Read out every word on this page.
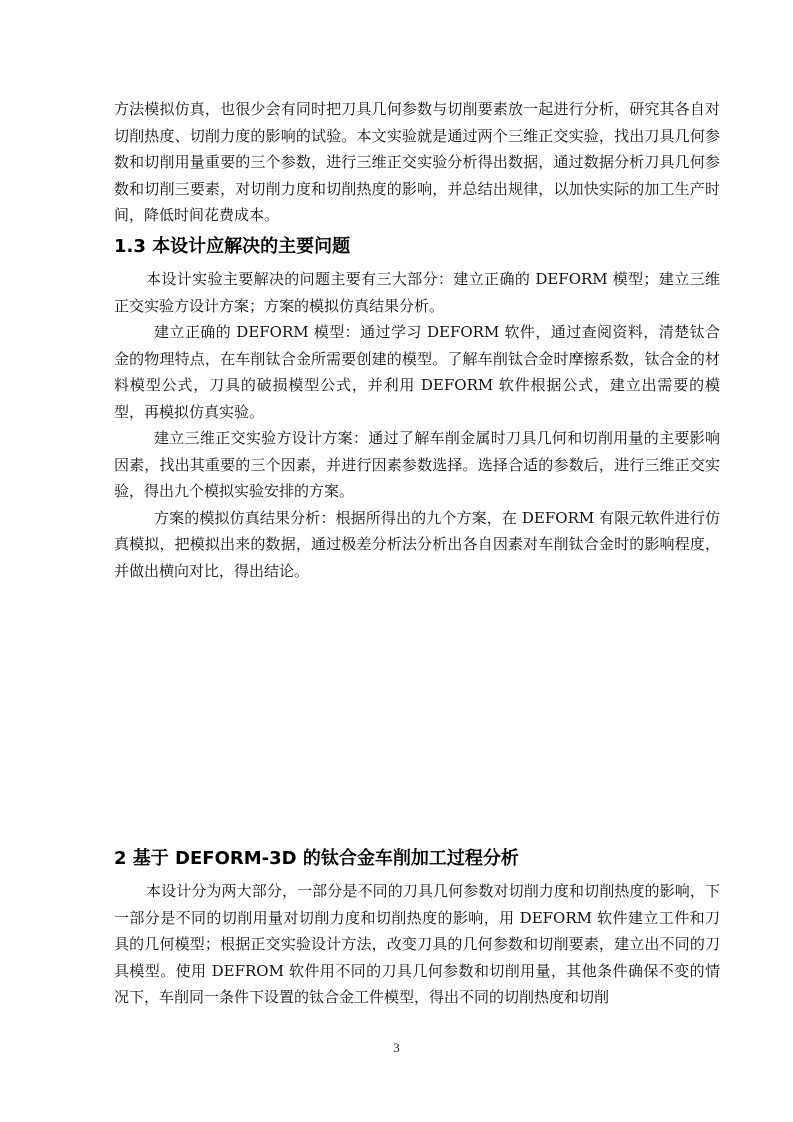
方法模拟仿真，也很少会有同时把刀具几何参数与切削要素放一起进行分析，研究其各自对切削热度、切削力度的影响的试验。本文实验就是通过两个三维正交实验，找出刀具几何参数和切削用量重要的三个参数，进行三维正交实验分析得出数据，通过数据分析刀具几何参数和切削三要素，对切削力度和切削热度的影响，并总结出规律，以加快实际的加工生产时间，降低时间花费成本。

1.3 本设计应解决的主要问题

本设计实验主要解决的问题主要有三大部分：建立正确的 DEFORM 模型；建立三维正交实验方设计方案；方案的模拟仿真结果分析。

建立正确的 DEFORM 模型：通过学习 DEFORM 软件，通过查阅资料，清楚钛合金的物理特点，在车削钛合金所需要创建的模型。了解车削钛合金时摩擦系数，钛合金的材料模型公式，刀具的破损模型公式，并利用 DEFORM 软件根据公式，建立出需要的模型，再模拟仿真实验。

建立三维正交实验方设计方案：通过了解车削金属时刀具几何和切削用量的主要影响因素，找出其重要的三个因素，并进行因素参数选择。选择合适的参数后，进行三维正交实验，得出九个模拟实验安排的方案。

方案的模拟仿真结果分析：根据所得出的九个方案，在 DEFORM 有限元软件进行仿真模拟，把模拟出来的数据，通过极差分析法分析出各自因素对车削钛合金时的影响程度，并做出横向对比，得出结论。

2 基于 DEFORM-3D 的钛合金车削加工过程分析

本设计分为两大部分，一部分是不同的刀具几何参数对切削力度和切削热度的影响，下一部分是不同的切削用量对切削力度和切削热度的影响，用 DEFORM 软件建立工件和刀具的几何模型；根据正交实验设计方法，改变刀具的几何参数和切削要素，建立出不同的刀具模型。使用 DEFROM 软件用不同的刀具几何参数和切削用量，其他条件确保不变的情况下，车削同一条件下设置的钛合金工件模型，得出不同的切削热度和切削

3
